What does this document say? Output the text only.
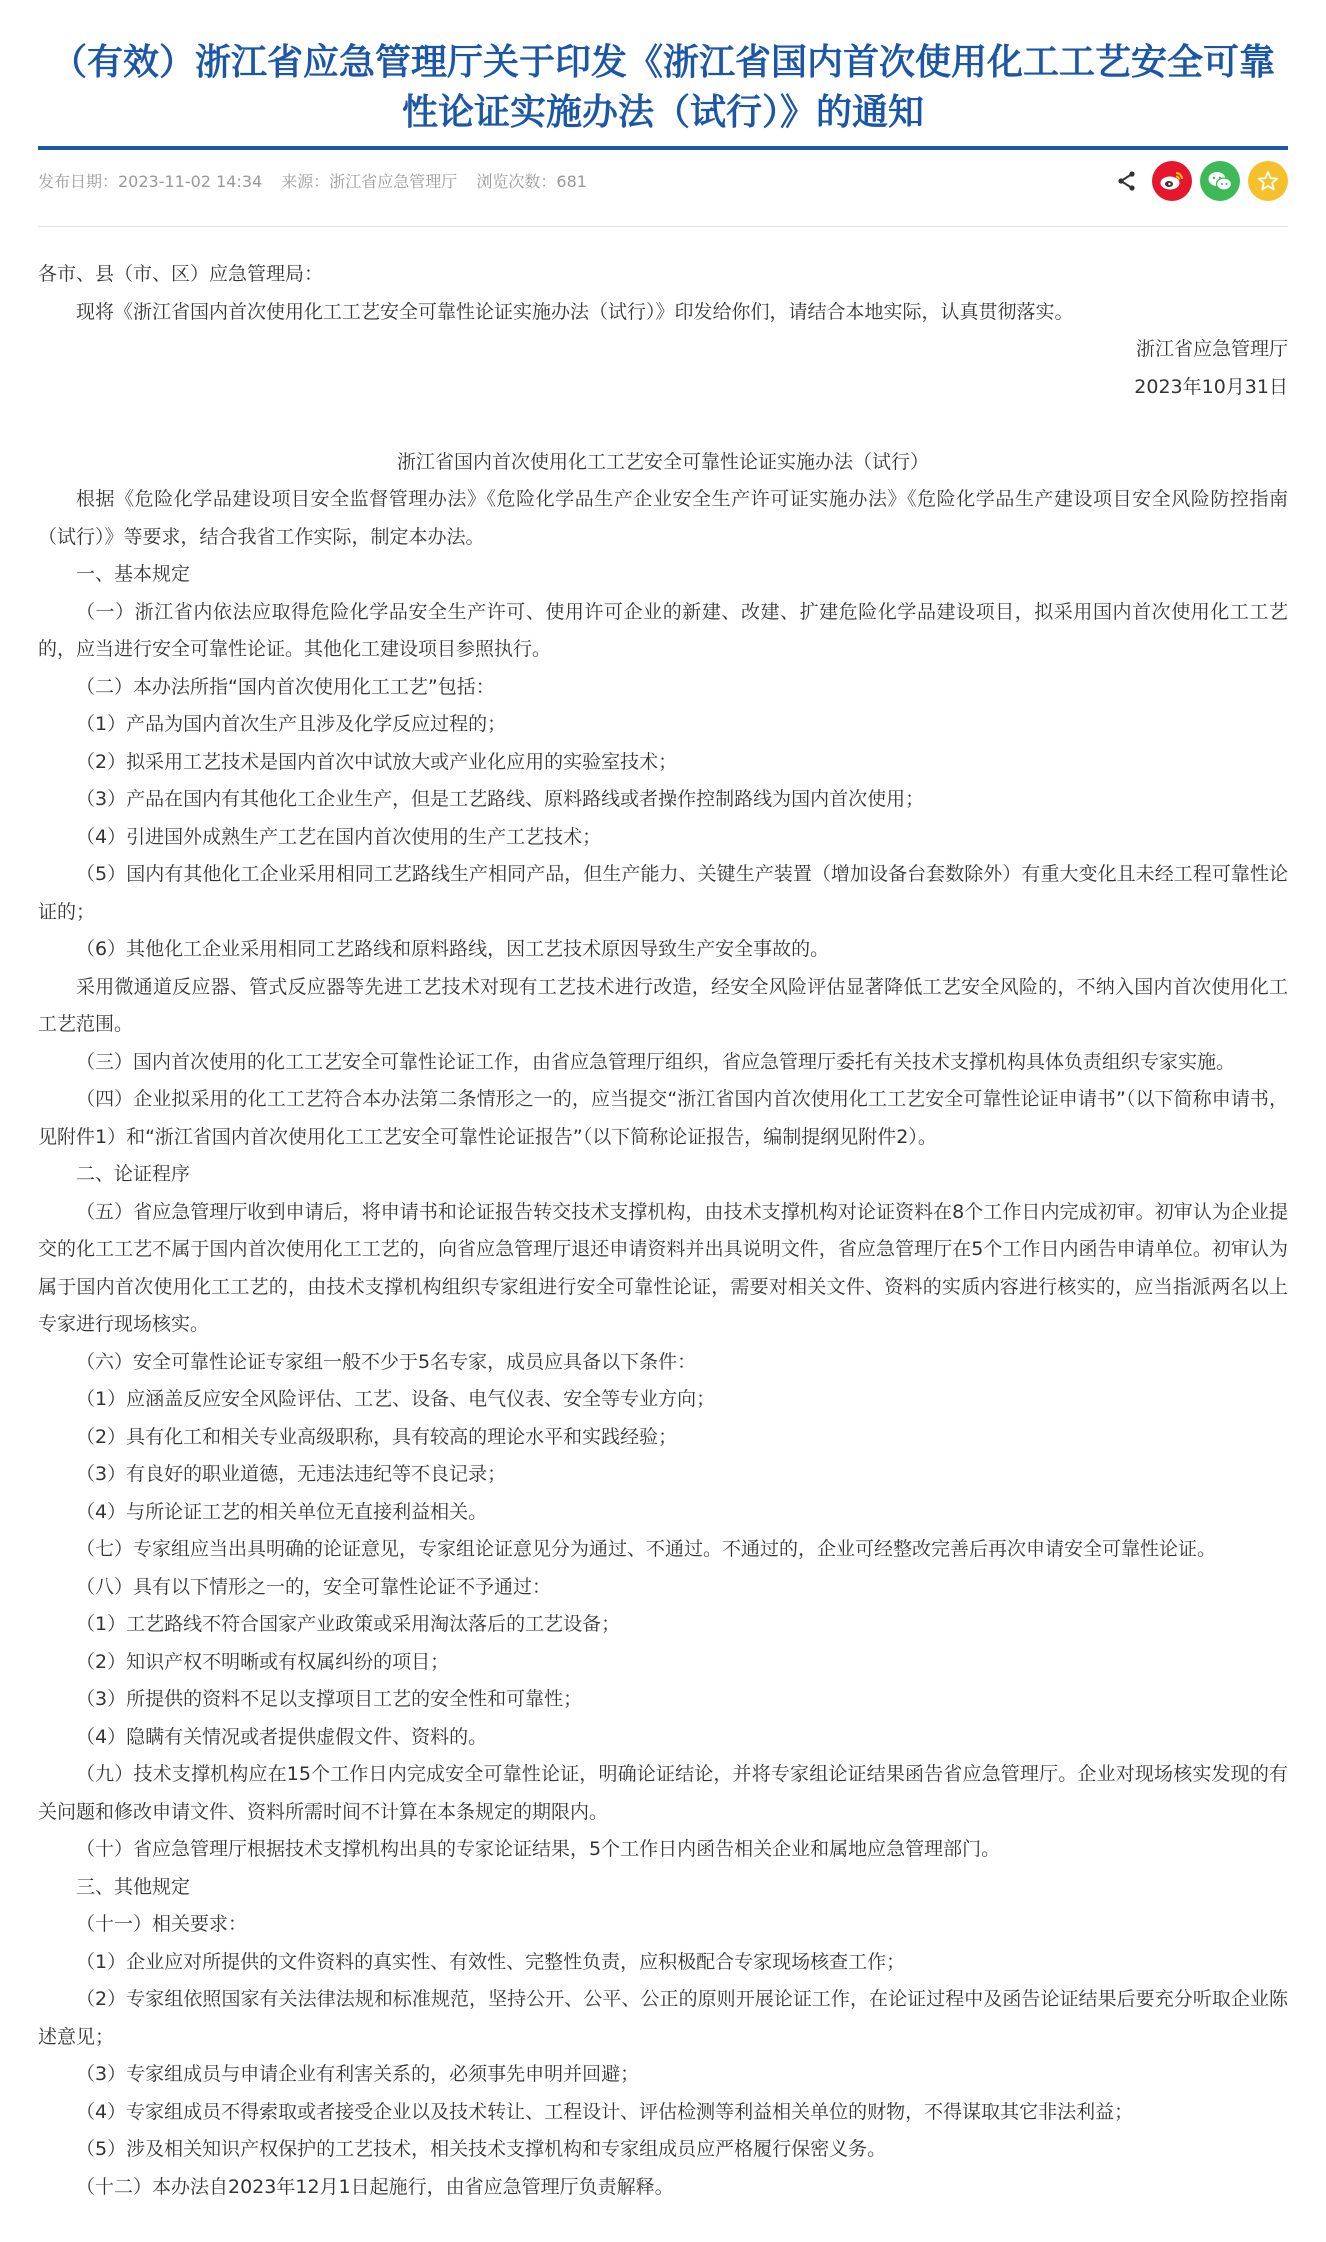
（有效）浙江省应急管理厅关于印发《浙江省国内首次使用化工工艺安全可靠性论证实施办法（试行）》的通知
发布日期：2023-11-02 14:34 来源：浙江省应急管理厅 浏览次数：681

各市、县（市、区）应急管理局：

现将《浙江省国内首次使用化工工艺安全可靠性论证实施办法（试行）》印发给你们，请结合本地实际，认真贯彻落实。

浙江省应急管理厅

2023年10月31日

浙江省国内首次使用化工工艺安全可靠性论证实施办法（试行）

根据《危险化学品建设项目安全监督管理办法》《危险化学品生产企业安全生产许可证实施办法》《危险化学品生产建设项目安全风险防控指南（试行）》等要求，结合我省工作实际，制定本办法。

一、基本规定

（一）浙江省内依法应取得危险化学品安全生产许可、使用许可企业的新建、改建、扩建危险化学品建设项目，拟采用国内首次使用化工工艺的，应当进行安全可靠性论证。其他化工建设项目参照执行。

（二）本办法所指“国内首次使用化工工艺”包括：

（1）产品为国内首次生产且涉及化学反应过程的；

（2）拟采用工艺技术是国内首次中试放大或产业化应用的实验室技术；

（3）产品在国内有其他化工企业生产，但是工艺路线、原料路线或者操作控制路线为国内首次使用；

（4）引进国外成熟生产工艺在国内首次使用的生产工艺技术；

（5）国内有其他化工企业采用相同工艺路线生产相同产品，但生产能力、关键生产装置（增加设备台套数除外）有重大变化且未经工程可靠性论证的；

（6）其他化工企业采用相同工艺路线和原料路线，因工艺技术原因导致生产安全事故的。

采用微通道反应器、管式反应器等先进工艺技术对现有工艺技术进行改造，经安全风险评估显著降低工艺安全风险的，不纳入国内首次使用化工工艺范围。

（三）国内首次使用的化工工艺安全可靠性论证工作，由省应急管理厅组织，省应急管理厅委托有关技术支撑机构具体负责组织专家实施。

（四）企业拟采用的化工工艺符合本办法第二条情形之一的，应当提交“浙江省国内首次使用化工工艺安全可靠性论证申请书”（以下简称申请书，见附件1）和“浙江省国内首次使用化工工艺安全可靠性论证报告”（以下简称论证报告，编制提纲见附件2）。

二、论证程序

（五）省应急管理厅收到申请后，将申请书和论证报告转交技术支撑机构，由技术支撑机构对论证资料在8个工作日内完成初审。初审认为企业提交的化工工艺不属于国内首次使用化工工艺的，向省应急管理厅退还申请资料并出具说明文件，省应急管理厅在5个工作日内函告申请单位。初审认为属于国内首次使用化工工艺的，由技术支撑机构组织专家组进行安全可靠性论证，需要对相关文件、资料的实质内容进行核实的，应当指派两名以上专家进行现场核实。

（六）安全可靠性论证专家组一般不少于5名专家，成员应具备以下条件：

（1）应涵盖反应安全风险评估、工艺、设备、电气仪表、安全等专业方向；

（2）具有化工和相关专业高级职称，具有较高的理论水平和实践经验；

（3）有良好的职业道德，无违法违纪等不良记录；

（4）与所论证工艺的相关单位无直接利益相关。

（七）专家组应当出具明确的论证意见，专家组论证意见分为通过、不通过。不通过的，企业可经整改完善后再次申请安全可靠性论证。

（八）具有以下情形之一的，安全可靠性论证不予通过：

（1）工艺路线不符合国家产业政策或采用淘汰落后的工艺设备；

（2）知识产权不明晰或有权属纠纷的项目；

（3）所提供的资料不足以支撑项目工艺的安全性和可靠性；

（4）隐瞒有关情况或者提供虚假文件、资料的。

（九）技术支撑机构应在15个工作日内完成安全可靠性论证，明确论证结论，并将专家组论证结果函告省应急管理厅。企业对现场核实发现的有关问题和修改申请文件、资料所需时间不计算在本条规定的期限内。

（十）省应急管理厅根据技术支撑机构出具的专家论证结果，5个工作日内函告相关企业和属地应急管理部门。

三、其他规定

（十一）相关要求：

（1）企业应对所提供的文件资料的真实性、有效性、完整性负责，应积极配合专家现场核查工作；

（2）专家组依照国家有关法律法规和标准规范，坚持公开、公平、公正的原则开展论证工作，在论证过程中及函告论证结果后要充分听取企业陈述意见；

（3）专家组成员与申请企业有利害关系的，必须事先申明并回避；

（4）专家组成员不得索取或者接受企业以及技术转让、工程设计、评估检测等利益相关单位的财物，不得谋取其它非法利益；

（5）涉及相关知识产权保护的工艺技术，相关技术支撑机构和专家组成员应严格履行保密义务。

（十二）本办法自2023年12月1日起施行，由省应急管理厅负责解释。
